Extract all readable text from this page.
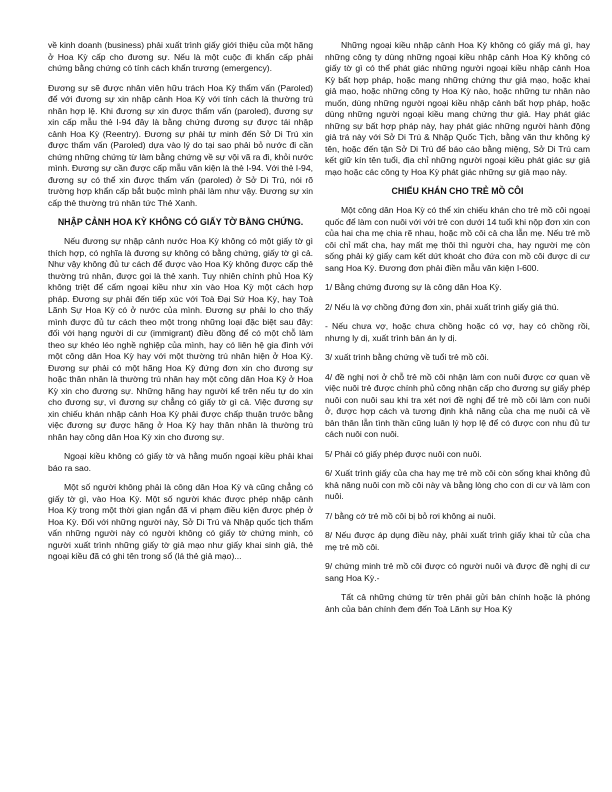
về kinh doanh (business) phải xuất trình giấy giới thiệu của một hãng ở Hoa Kỳ cấp cho đương sự. Nếu là một cuộc đi khẩn cấp phải chứng bằng chứng có tính cách khẩn trương (emergency).

Đương sự sẽ được nhân viên hữu trách Hoa Kỳ thẩm vấn (Paroled) để với đương sự xin nhập cảnh Hoa Kỳ với tính cách là thường trú nhân hợp lệ. Khi đương sự xin được thẩm vấn (paroled), đương sự xin cấp mẫu thẻ I-94 đây là bằng chứng đương sự được tái nhập cảnh Hoa Kỳ (Reentry). Đương sự phải tự minh đến Sở Di Trú xin được thẩm vấn (Paroled) dựa vào lý do tại sao phải bỏ nước đi cần chứng những chứng từ làm bằng chứng về sự vội vã ra đi, khỏi nước mình. Đương sự cần được cấp mẫu văn kiện là thẻ I-94. Với thẻ I-94, đương sự có thể xin được thẩm vấn (paroled) ở Sở Di Trú, nói rõ trường hợp khẩn cấp bắt buộc mình phải làm như vậy. Đương sự xin cấp thẻ thường trú nhân tức Thẻ Xanh.

NHẬP CẢNH HOA KỲ KHÔNG CÓ GIẤY TỜ BẰNG CHỨNG.

Nếu đương sự nhập cảnh nước Hoa Kỳ không có một giấy tờ gì thích hợp, có nghĩa là đương sự không có bằng chứng, giấy tờ gì cả. Như vậy không đủ tư cách để được vào Hoa Kỳ không được cấp thẻ thường trú nhân, được gọi là thẻ xanh. Tuy nhiên chính phủ Hoa Kỳ không triệt để cấm ngoại kiều như xin vào Hoa Kỳ một cách hợp pháp. Đương sự phải đến tiếp xúc với Toà Đại Sứ Hoa Kỳ, hay Toà Lãnh Sự Hoa Kỳ có ở nước của mình. Đương sự phải lo cho thấy mình được đủ tư cách theo một trong những loại đặc biệt sau đây: đối với hạng người di cư (immigrant) điều đồng để có một chỗ làm theo sự khéo léo nghề nghiệp của mình, hay có liên hệ gia đình với một công dân Hoa Kỳ hay với một thường trú nhân hiện ở Hoa Kỳ. Đương sự phải có một hãng Hoa Kỳ đứng đơn xin cho đương sự hoặc thân nhân là thường trú nhân hay một công dân Hoa Kỳ ở Hoa Kỳ xin cho đương sự. Những hãng hay người kể trên nếu tự do xin cho đương sự, vì đương sự chẳng có giấy tờ gì cả. Việc đương sự xin chiếu khán nhập cảnh Hoa Kỳ phải được chấp thuận trước bằng việc đương sự được hãng ở Hoa Kỳ hay thân nhân là thường trú nhân hay công dân Hoa Kỳ xin cho đương sự.

Ngoại kiều không có giấy tờ và hằng muốn ngoại kiều phải khai báo ra sao.

Một số người không phải là công dân Hoa Kỳ và cũng chẳng có giấy tờ gì, vào Hoa Kỳ. Một số người khác được phép nhập cảnh Hoa Kỳ trong một thời gian ngắn đã vi phạm điều kiện được phép ở Hoa Kỳ. Đối với những người này, Sở Di Trú và Nhập quốc tịch thẩm vấn những người này có người không có giấy tờ chứng minh, có người xuất trình những giấy tờ giả mạo như giấy khai sinh giả, thẻ ngoại kiều đã có ghi tên trong sổ (lá thẻ giả mạo)...

Những ngoại kiều nhập cảnh Hoa Kỳ không có giấy má gì, hay những công ty dùng những ngoại kiều nhập cảnh Hoa Kỳ không có giấy tờ gì có thể phát giác những người ngoại kiều nhập cảnh Hoa Kỳ bất hợp pháp, hoặc mang những chứng thư giả mạo, hoặc khai giả mạo, hoặc những công ty Hoa Kỳ nào, hoặc những tư nhân nào muốn, dùng những người ngoại kiều nhập cảnh bất hợp pháp, hoặc dùng những người ngoại kiều mang chứng thư giả. Hay phát giác những sự bất hợp pháp này, hay phát giác những người hành động giả trá này với Sở Di Trú & Nhập Quốc Tịch, bằng văn thư không ký tên, hoặc đến tận Sở Di Trú để báo cáo bằng miệng, Sở Di Trú cam kết giữ kín tên tuổi, địa chỉ những người ngoại kiều phát giác sự giả mạo hoặc các công ty Hoa Kỳ phát giác những sự giả mạo này.

CHIẾU KHÁN CHO TRẺ MỒ CÔI

Một công dân Hoa Kỳ có thể xin chiếu khán cho trẻ mồ côi ngoại quốc để làm con nuôi với với trẻ con dưới 14 tuổi khi nộp đơn xin con của hai cha mẹ chia rẽ nhau, hoặc mồ côi cả cha lẫn mẹ. Nếu trẻ mồ côi chỉ mất cha, hay mất mẹ thôi thì người cha, hay người mẹ còn sống phải ký giấy cam kết dứt khoát cho đứa con mồ côi được di cư sang Hoa Kỳ. Đương đơn phải điền mẫu văn kiện I-600.

1/ Bằng chứng đương sự là công dân Hoa Kỳ.
2/ Nếu là vợ chồng đứng đơn xin, phải xuất trình giấy giá thú.
- Nếu chưa vợ, hoặc chưa chồng hoặc có vợ, hay có chồng rồi, nhưng ly dị, xuất trình bản án ly dị.
3/ xuất trình bằng chứng về tuổi trẻ mồ côi.
4/ đề nghị nơi ở chỗ trẻ mồ côi nhận làm con nuôi được cơ quan về việc nuôi trẻ được chính phủ công nhận cấp cho đương sự giấy phép nuôi con nuôi sau khi tra xét nơi đề nghị để trẻ mồ côi làm con nuôi ở, được hợp cách và tương định khả năng của cha mẹ nuôi cả về bản thân lẫn tình thần cũng luân lý hợp lệ để có được con nhu đủ tư cách nuôi con nuôi.
5/ Phải có giấy phép được nuôi con nuôi.
6/ Xuất trình giấy của cha hay mẹ trẻ mồ côi còn sống khai không đủ khả năng nuôi con mồ côi này và bằng lòng cho con di cư và làm con nuôi.
7/ bằng cớ trẻ mồ côi bị bỏ rơi không ai nuôi.
8/ Nếu được áp dụng điều này, phải xuất trình giấy khai tử của cha mẹ trẻ mồ côi.
9/ chứng minh trẻ mồ côi được có người nuôi và được đề nghị di cư sang Hoa Kỳ.-

Tất cả những chứng từ trên phải gửi bản chính hoặc là phóng ảnh của bản chính đem đến Toà Lãnh sự Hoa Kỳ
